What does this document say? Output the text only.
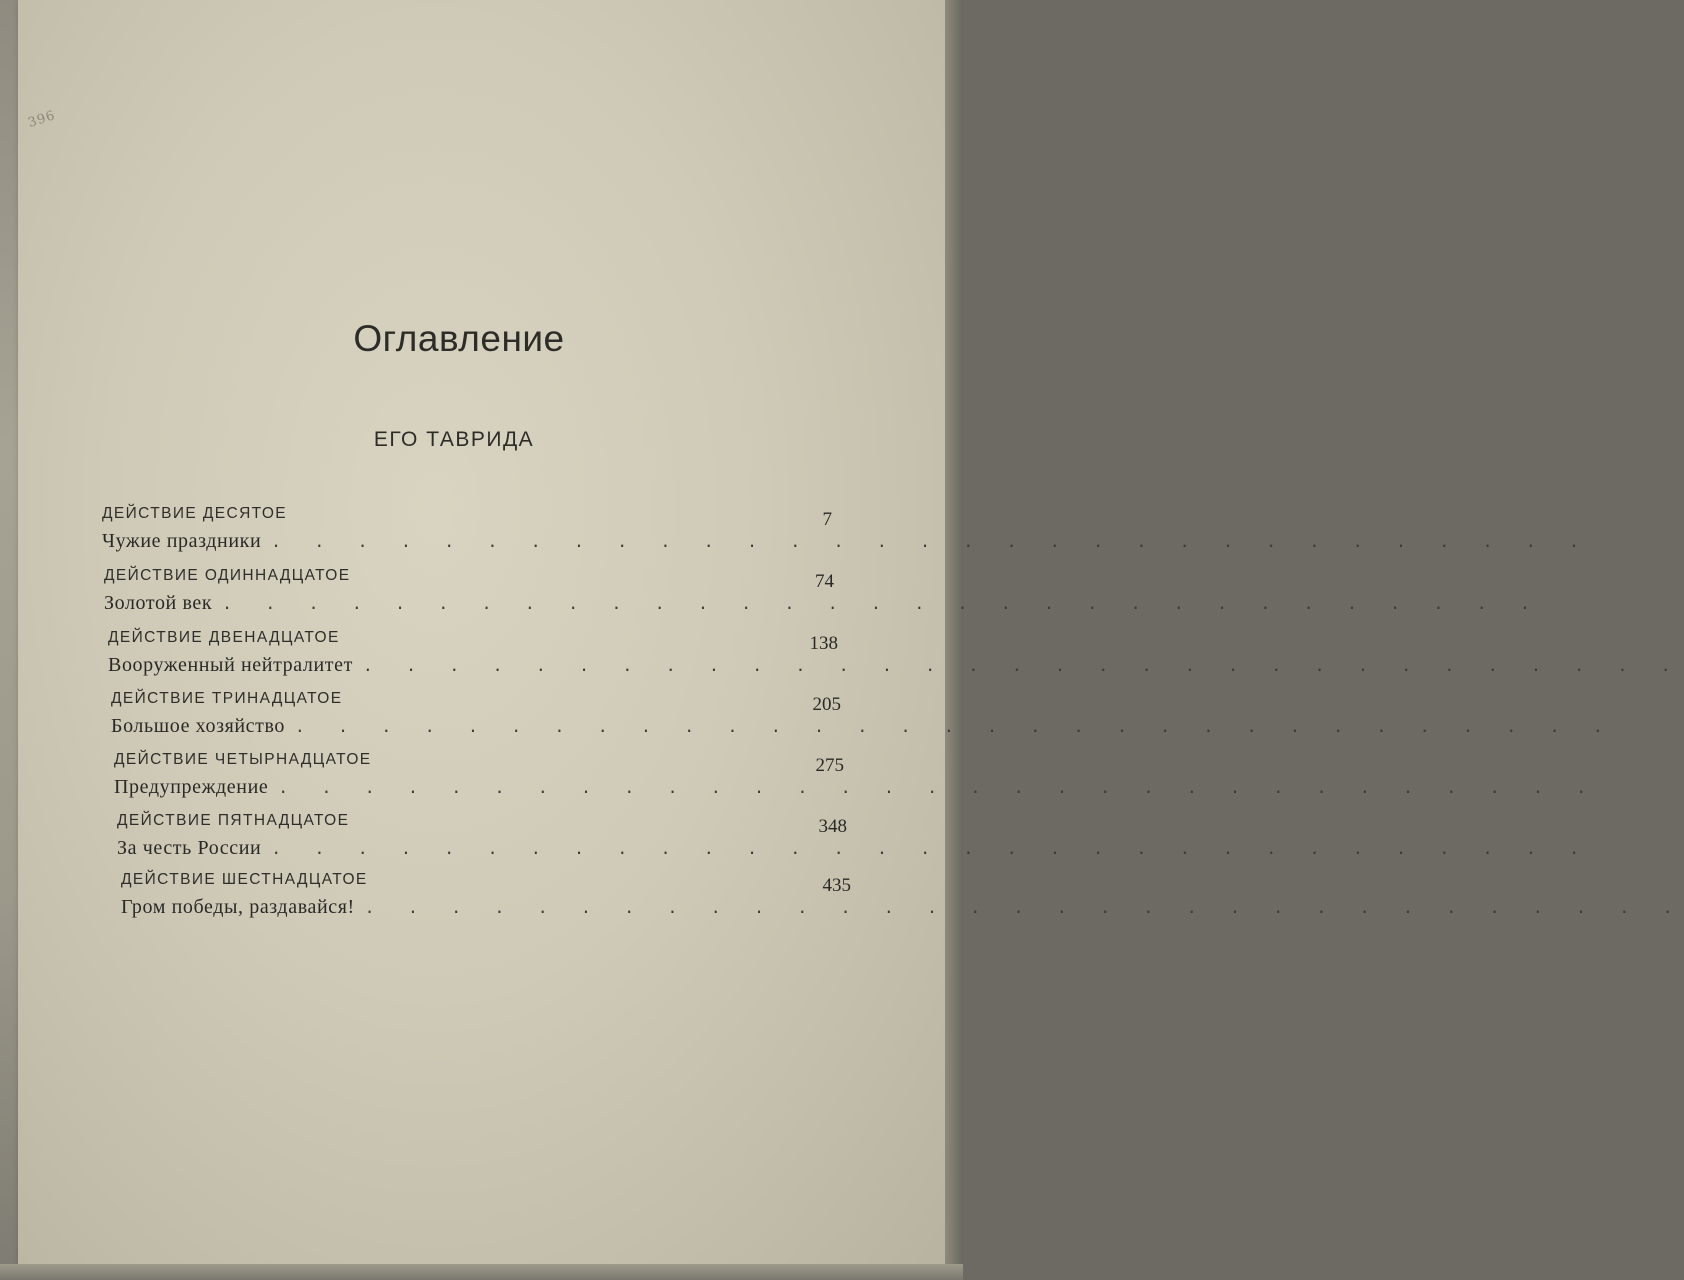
396
Оглавление
ЕГО ТАВРИДА
ДЕЙСТВИЕ ДЕСЯТОЕ	7
Чужие праздники . . . . . . . . . . . . . . . . . . . . . . . . . . . . . . .
ДЕЙСТВИЕ ОДИННАДЦАТОЕ	74
Золотой век . . . . . . . . . . . . . . . . . . . . . . . . . . . . . . .
ДЕЙСТВИЕ ДВЕНАДЦАТОЕ	138
Вооруженный нейтралитет . . . . . . . . . . . . . . . . . . . . . . . . . . . . . . .
ДЕЙСТВИЕ ТРИНАДЦАТОЕ	205
Большое хозяйство . . . . . . . . . . . . . . . . . . . . . . . . . . . . . . .
ДЕЙСТВИЕ ЧЕТЫРНАДЦАТОЕ	275
Предупреждение . . . . . . . . . . . . . . . . . . . . . . . . . . . . . . .
ДЕЙСТВИЕ ПЯТНАДЦАТОЕ	348
За честь России . . . . . . . . . . . . . . . . . . . . . . . . . . . . . . .
ДЕЙСТВИЕ ШЕСТНАДЦАТОЕ	435
Гром победы, раздавайся! . . . . . . . . . . . . . . . . . . . . . . . . . . . . . . .
